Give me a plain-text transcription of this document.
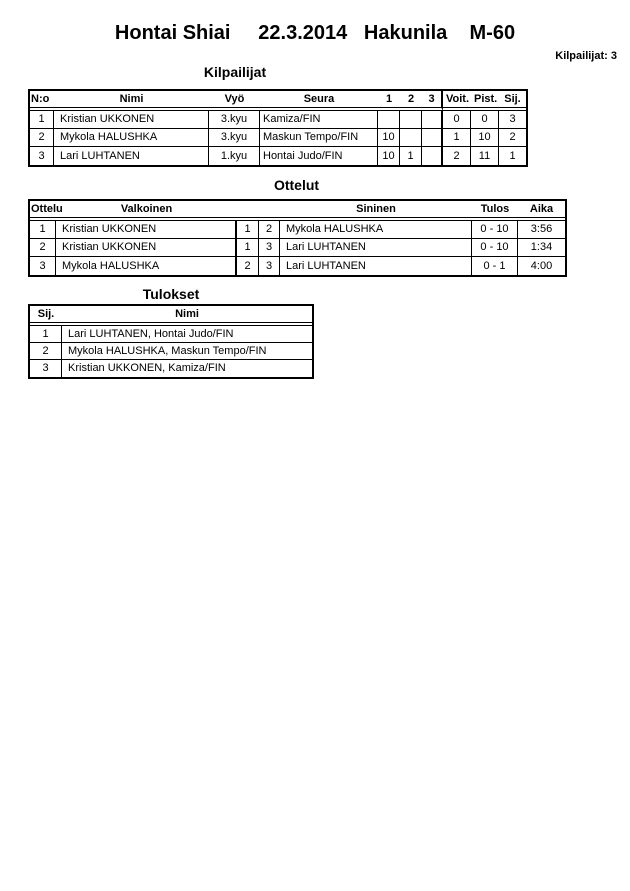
Hontai Shiai     22.3.2014   Hakunila    M-60
Kilpailijat: 3
Kilpailijat
N:o	Nimi	Vyö	Seura	1	2	3	Voit.	Pist.	Sij.
1	Kristian UKKONEN	3.kyu	Kamiza/FIN				0	0	3
2	Mykola HALUSHKA	3.kyu	Maskun Tempo/FIN	10			1	10	2
3	Lari LUHTANEN	1.kyu	Hontai Judo/FIN	10	1		2	11	1
Ottelut
Ottelu	Valkoinen			Sininen	Tulos	Aika
1	Kristian UKKONEN	1	2	Mykola HALUSHKA	0 - 10	3:56
2	Kristian UKKONEN	1	3	Lari LUHTANEN	0 - 10	1:34
3	Mykola HALUSHKA	2	3	Lari LUHTANEN	0 - 1	4:00
Tulokset
Sij.	Nimi
1	Lari LUHTANEN, Hontai Judo/FIN
2	Mykola HALUSHKA, Maskun Tempo/FIN
3	Kristian UKKONEN, Kamiza/FIN
